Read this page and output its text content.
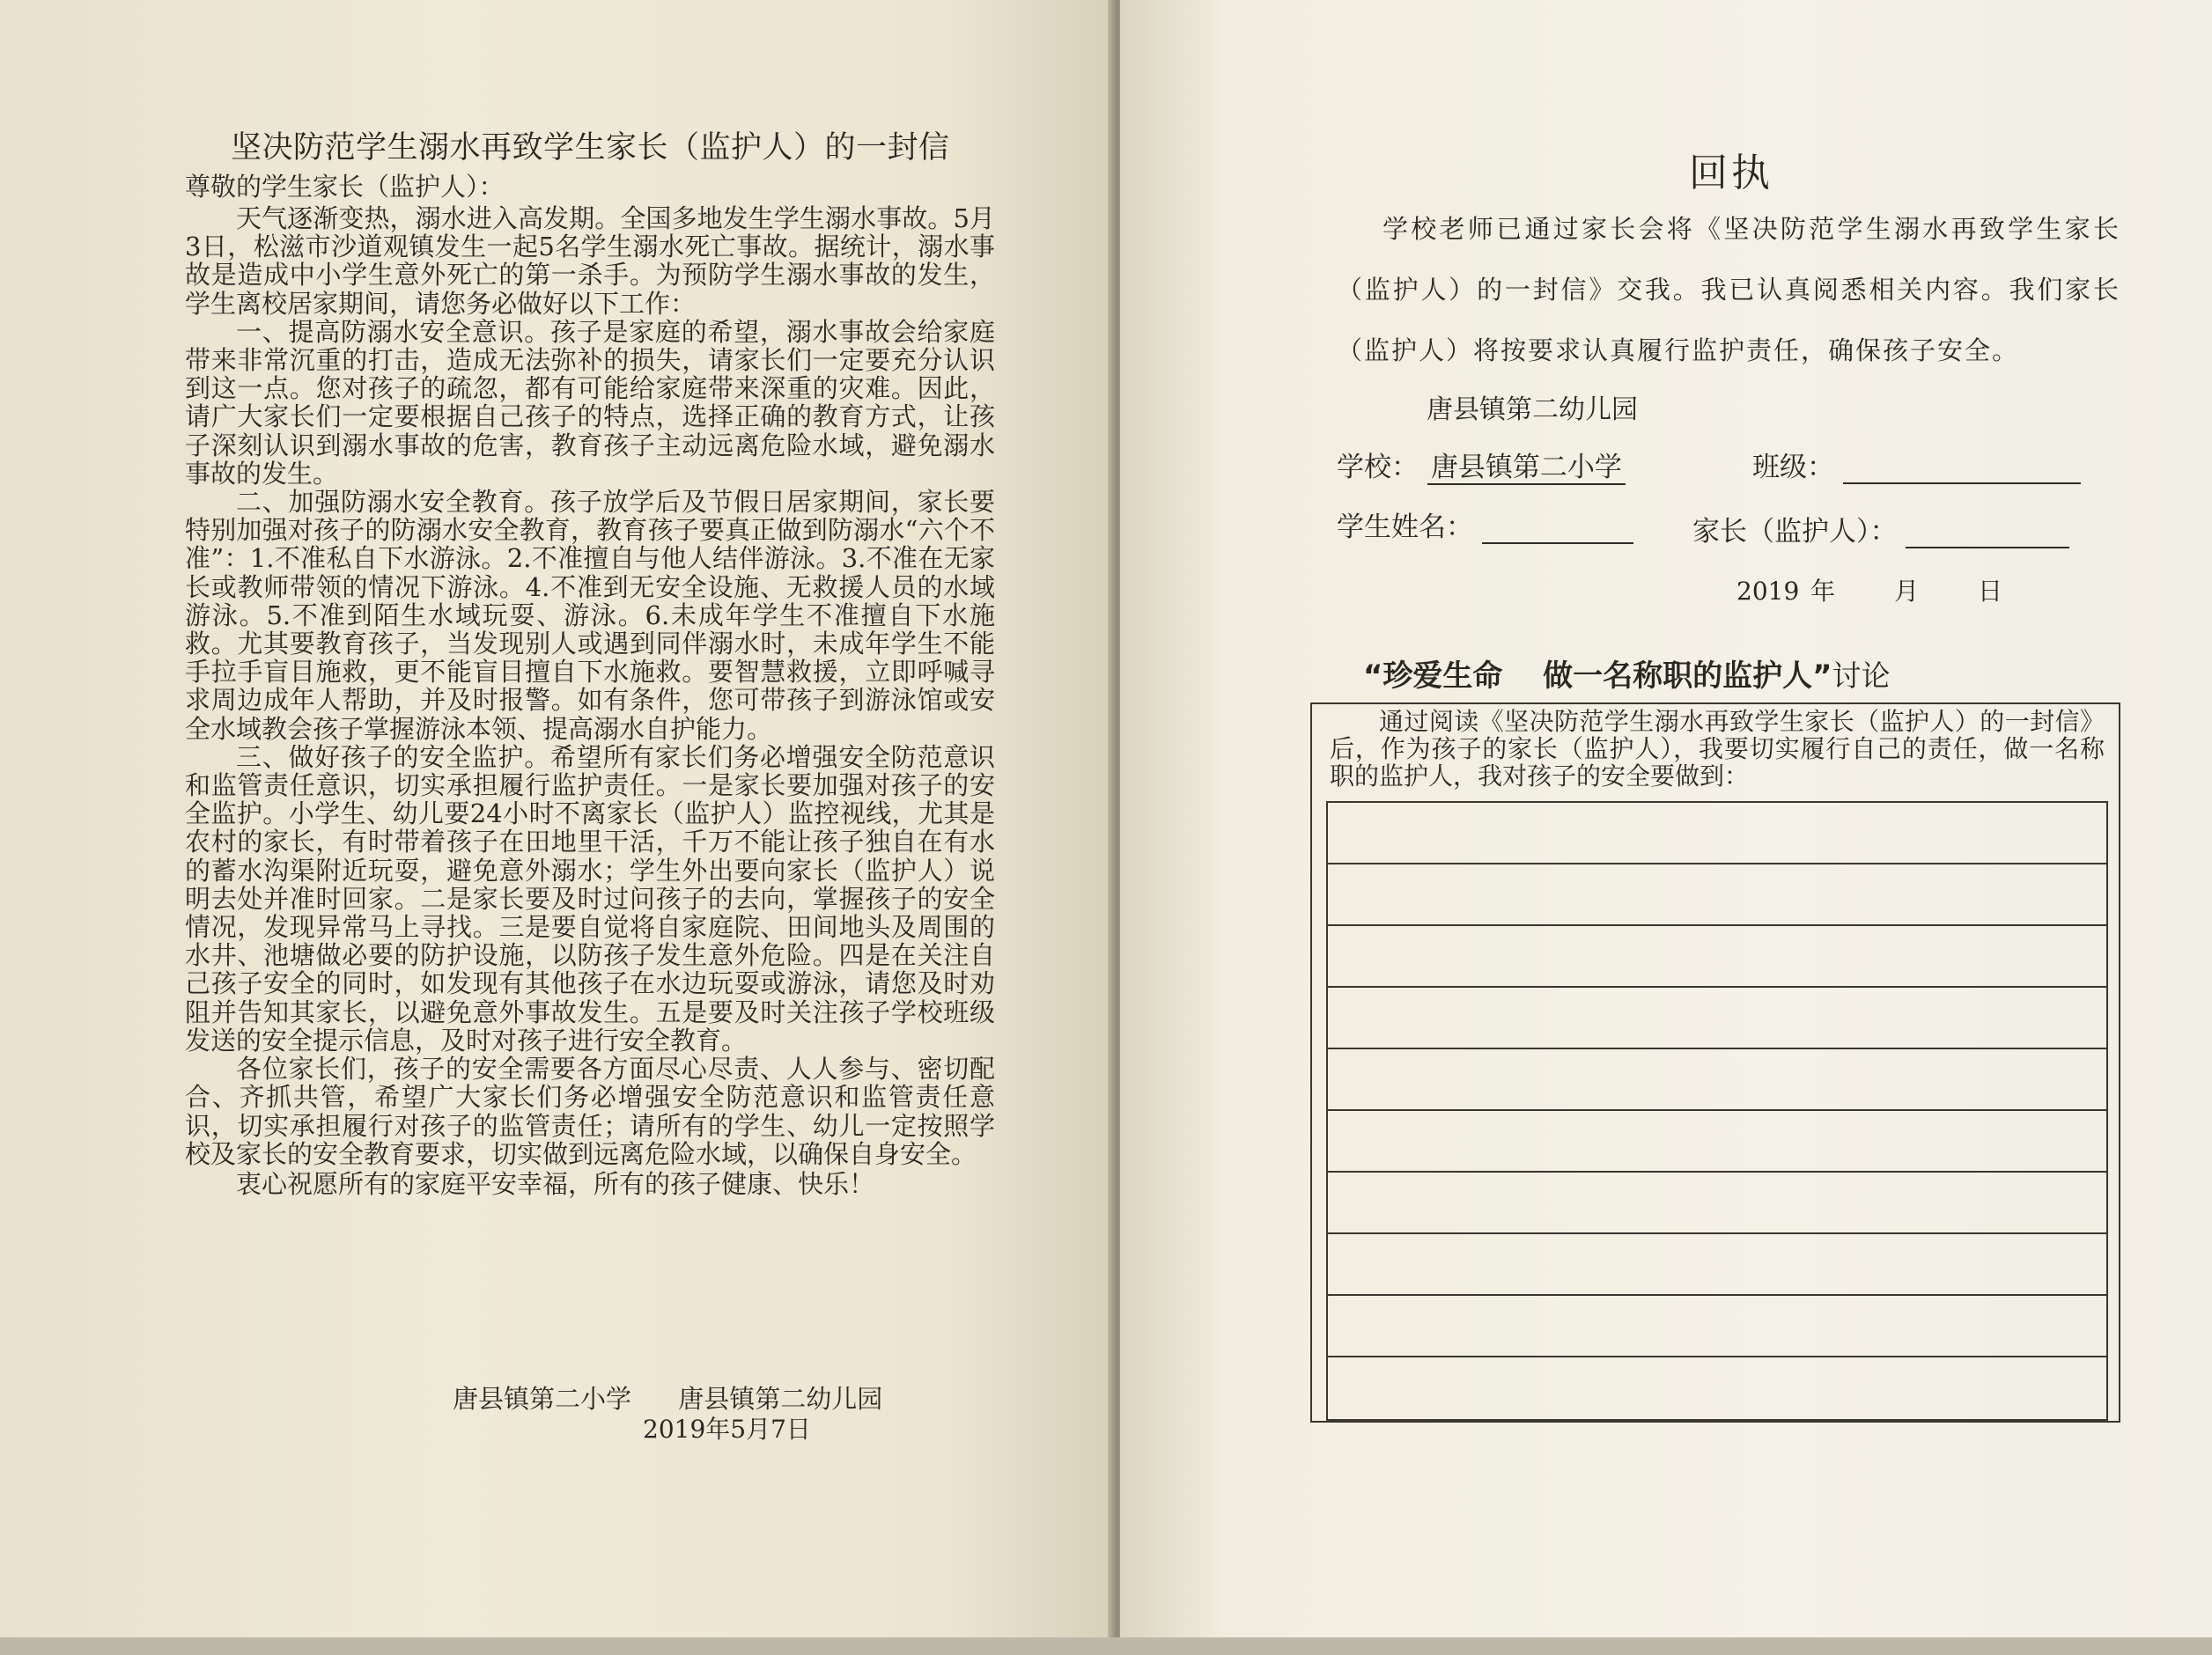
坚决防范学生溺水再致学生家长（监护人）的一封信
尊敬的学生家长（监护人）：

天气逐渐变热，溺水进入高发期。全国多地发生学生溺水事故。5月3日，松滋市沙道观镇发生一起5名学生溺水死亡事故。据统计，溺水事故是造成中小学生意外死亡的第一杀手。为预防学生溺水事故的发生，学生离校居家期间，请您务必做好以下工作：

一、提高防溺水安全意识。孩子是家庭的希望，溺水事故会给家庭带来非常沉重的打击，造成无法弥补的损失，请家长们一定要充分认识到这一点。您对孩子的疏忽，都有可能给家庭带来深重的灾难。因此，请广大家长们一定要根据自己孩子的特点，选择正确的教育方式，让孩子深刻认识到溺水事故的危害，教育孩子主动远离危险水域，避免溺水事故的发生。

二、加强防溺水安全教育。孩子放学后及节假日居家期间，家长要特别加强对孩子的防溺水安全教育，教育孩子要真正做到防溺水“六个不准”：1.不准私自下水游泳。2.不准擅自与他人结伴游泳。3.不准在无家长或教师带领的情况下游泳。4.不准到无安全设施、无救援人员的水域游泳。5.不准到陌生水域玩耍、游泳。6.未成年学生不准擅自下水施救。尤其要教育孩子，当发现别人或遇到同伴溺水时，未成年学生不能手拉手盲目施救，更不能盲目擅自下水施救。要智慧救援，立即呼喊寻求周边成年人帮助，并及时报警。如有条件，您可带孩子到游泳馆或安全水域教会孩子掌握游泳本领、提高溺水自护能力。

三、做好孩子的安全监护。希望所有家长们务必增强安全防范意识和监管责任意识，切实承担履行监护责任。一是家长要加强对孩子的安全监护。小学生、幼儿要24小时不离家长（监护人）监控视线，尤其是农村的家长，有时带着孩子在田地里干活，千万不能让孩子独自在有水的蓄水沟渠附近玩耍，避免意外溺水；学生外出要向家长（监护人）说明去处并准时回家。二是家长要及时过问孩子的去向，掌握孩子的安全情况，发现异常马上寻找。三是要自觉将自家庭院、田间地头及周围的水井、池塘做必要的防护设施，以防孩子发生意外危险。四是在关注自己孩子安全的同时，如发现有其他孩子在水边玩耍或游泳，请您及时劝阻并告知其家长，以避免意外事故发生。五是要及时关注孩子学校班级发送的安全提示信息，及时对孩子进行安全教育。

各位家长们，孩子的安全需要各方面尽心尽责、人人参与、密切配合、齐抓共管，希望广大家长们务必增强安全防范意识和监管责任意识，切实承担履行对孩子的监管责任；请所有的学生、幼儿一定按照学校及家长的安全教育要求，切实做到远离危险水域，以确保自身安全。

衷心祝愿所有的家庭平安幸福，所有的孩子健康、快乐！

唐县镇第二小学 唐县镇第二幼儿园
2019年5月7日
回执
学校老师已通过家长会将《坚决防范学生溺水再致学生家长（监护人）的一封信》交我。我已认真阅悉相关内容。我们家长（监护人）将按要求认真履行监护责任，确保孩子安全。
唐县镇第二幼儿园
学校： 唐县镇第二小学	班级：
学生姓名：	家长（监护人）：
2019 年 月 日
“珍爱生命　 做一名称职的监护人”讨论
通过阅读《坚决防范学生溺水再致学生家长（监护人）的一封信》后，作为孩子的家长（监护人），我要切实履行自己的责任，做一名称职的监护人，我对孩子的安全要做到：
